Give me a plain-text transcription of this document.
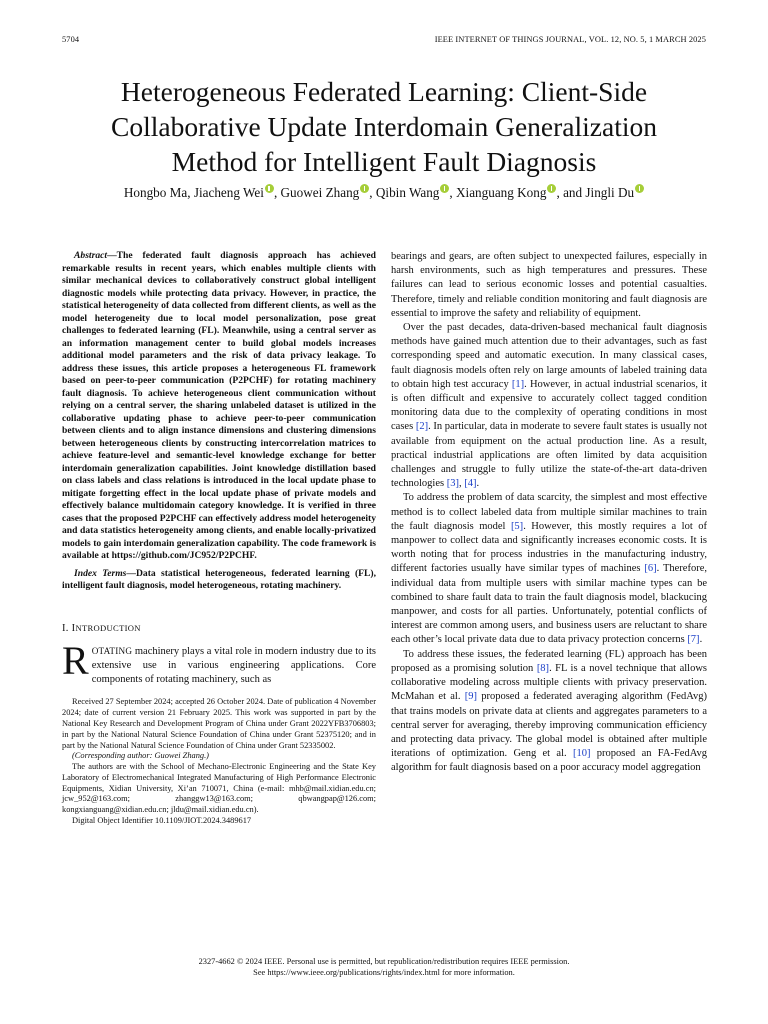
5704	IEEE INTERNET OF THINGS JOURNAL, VOL. 12, NO. 5, 1 MARCH 2025
Heterogeneous Federated Learning: Client-Side
Collaborative Update Interdomain Generalization
Method for Intelligent Fault Diagnosis
Hongbo Ma, Jiacheng Wei , Guowei Zhang , Qibin Wang , Xianguang Kong , and Jingli Du

Abstract—The federated fault diagnosis approach has achieved remarkable results in recent years, which enables multiple clients with similar mechanical devices to collaboratively construct global intelligent diagnostic models while protecting data privacy. However, in practice, the statistical heterogeneity of data collected from different clients, as well as the model heterogeneity due to local model personalization, pose great challenges to federated learning (FL). Meanwhile, using a central server as an information management center to build global models increases additional model parameters and the risk of data privacy leakage. To address these issues, this article proposes a heterogeneous FL framework based on peer-to-peer communication (P2PCHF) for rotating machinery fault diagnosis. To achieve heterogeneous client communication without relying on a central server, the sharing unlabeled dataset is utilized in the collaborative updating phase to achieve peer-to-peer communication between clients and to align instance dimensions and clustering dimensions between heterogeneous clients by constructing intercorrelation matrices to achieve feature-level and semantic-level knowledge exchange for better interdomain generalization capabilities. Joint knowledge distillation based on class labels and class relations is introduced in the local update phase to mitigate forgetting effect in the local update phase of private models and effectively balance multidomain category knowledge. It is verified in three cases that the proposed P2PCHF can effectively address model heterogeneity and data statistics heterogeneity among clients, and enable locally-privatized models to gain interdomain generalization capability. The code framework is available at https://github.com/JC952/P2PCHF.

Index Terms—Data statistical heterogeneous, federated learning (FL), intelligent fault diagnosis, model heterogeneous, rotating machinery.

I. INTRODUCTION

ROTATING machinery plays a vital role in modern industry due to its extensive use in various engineering applications. Core components of rotating machinery, such as

Received 27 September 2024; accepted 26 October 2024. Date of publication 4 November 2024; date of current version 21 February 2025. This work was supported in part by the National Key Research and Development Program of China under Grant 2022YFB3706803; in part by the National Natural Science Foundation of China under Grant 52375120; and in part by the National Natural Science Foundation of China under Grant 52335002.

(Corresponding author: Guowei Zhang.)

The authors are with the School of Mechano-Electronic Engineering and the State Key Laboratory of Electromechanical Integrated Manufacturing of High Performance Electronic Equipments, Xidian University, Xi’an 710071, China (e-mail: mhb@mail.xidian.edu.cn; jcw_952@163.com; zhanggw13@163.com; qbwangpap@126.com; kongxianguang@xidian.edu.cn; jldu@mail.xidian.edu.cn).

Digital Object Identifier 10.1109/JIOT.2024.3489617

bearings and gears, are often subject to unexpected failures, especially in harsh environments, such as high temperatures and pressures. These failures can lead to serious economic losses and potential casualties. Therefore, timely and reliable condition monitoring and fault diagnosis are essential to improve the safety and reliability of equipment.

Over the past decades, data-driven-based mechanical fault diagnosis methods have gained much attention due to their advantages, such as fast corresponding speed and automatic execution. In many classical cases, fault diagnosis models often rely on large amounts of labeled training data to obtain high test accuracy [1]. However, in actual industrial scenarios, it is often difficult and expensive to accurately collect tagged condition monitoring data due to the complexity of operating conditions in most cases [2]. In particular, data in moderate to severe fault states is usually not available from equipment on the actual production line. As a result, practical industrial applications are often limited by data acquisition challenges and struggle to fully utilize the state-of-the-art data-driven technologies [3], [4].

To address the problem of data scarcity, the simplest and most effective method is to collect labeled data from multiple similar machines to train the fault diagnosis model [5]. However, this mostly requires a lot of manpower to collect data and significantly increases economic costs. It is worth noting that for process industries in the manufacturing industry, different factories usually have similar types of machines [6]. Therefore, individual data from multiple users with similar machine types can be combined to share fault data to train the fault diagnosis model, blackucing manpower, and costs for all parties. Unfortunately, potential conflicts of interest are common among users, and business users are reluctant to share each other’s local private data due to data privacy protection concerns [7].

To address these issues, the federated learning (FL) approach has been proposed as a promising solution [8]. FL is a novel technique that allows collaborative modeling across multiple clients with privacy preservation. McMahan et al. [9] proposed a federated averaging algorithm (FedAvg) that trains models on private data at clients and aggregates parameters to a central server for averaging, thereby improving communication efficiency and protecting data privacy. The global model is obtained after multiple iterations of optimization. Geng et al. [10] proposed an FA-FedAvg algorithm for fault diagnosis based on a poor accuracy model aggregation

2327-4662 © 2024 IEEE. Personal use is permitted, but republication/redistribution requires IEEE permission.
See https://www.ieee.org/publications/rights/index.html for more information.
